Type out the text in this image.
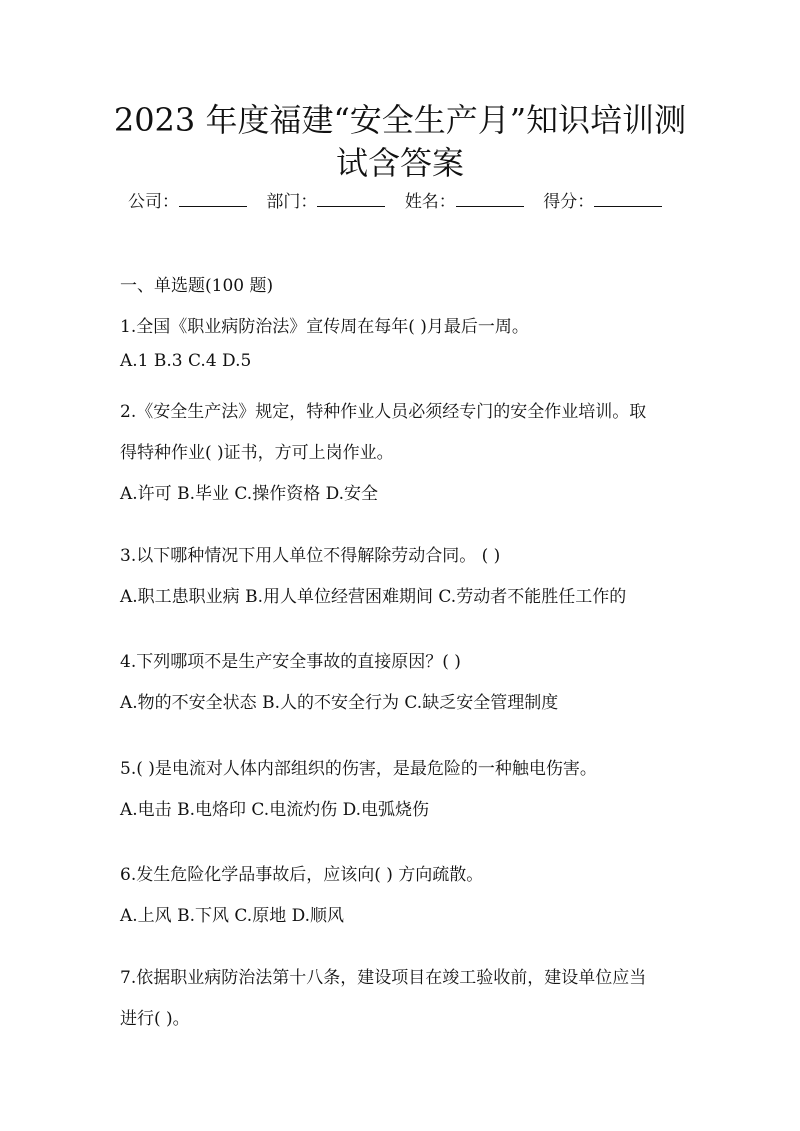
2023 年度福建“安全生产月”知识培训测
试含答案
公司：	部门：	姓名：	得分：
一、单选题(100 题)
1.全国《职业病防治法》宣传周在每年( )月最后一周。
A.1 B.3 C.4 D.5
2.《安全生产法》规定，特种作业人员必须经专门的安全作业培训。取
得特种作业( )证书，方可上岗作业。
A.许可 B.毕业 C.操作资格 D.安全
3.以下哪种情况下用人单位不得解除劳动合同。 ( )
A.职工患职业病 B.用人单位经营困难期间 C.劳动者不能胜任工作的
4.下列哪项不是生产安全事故的直接原因？( )
A.物的不安全状态 B.人的不安全行为 C.缺乏安全管理制度
5.( )是电流对人体内部组织的伤害，是最危险的一种触电伤害。
A.电击 B.电烙印 C.电流灼伤 D.电弧烧伤
6.发生危险化学品事故后，应该向( ) 方向疏散。
A.上风 B.下风 C.原地 D.顺风
7.依据职业病防治法第十八条，建设项目在竣工验收前，建设单位应当
进行( )。
